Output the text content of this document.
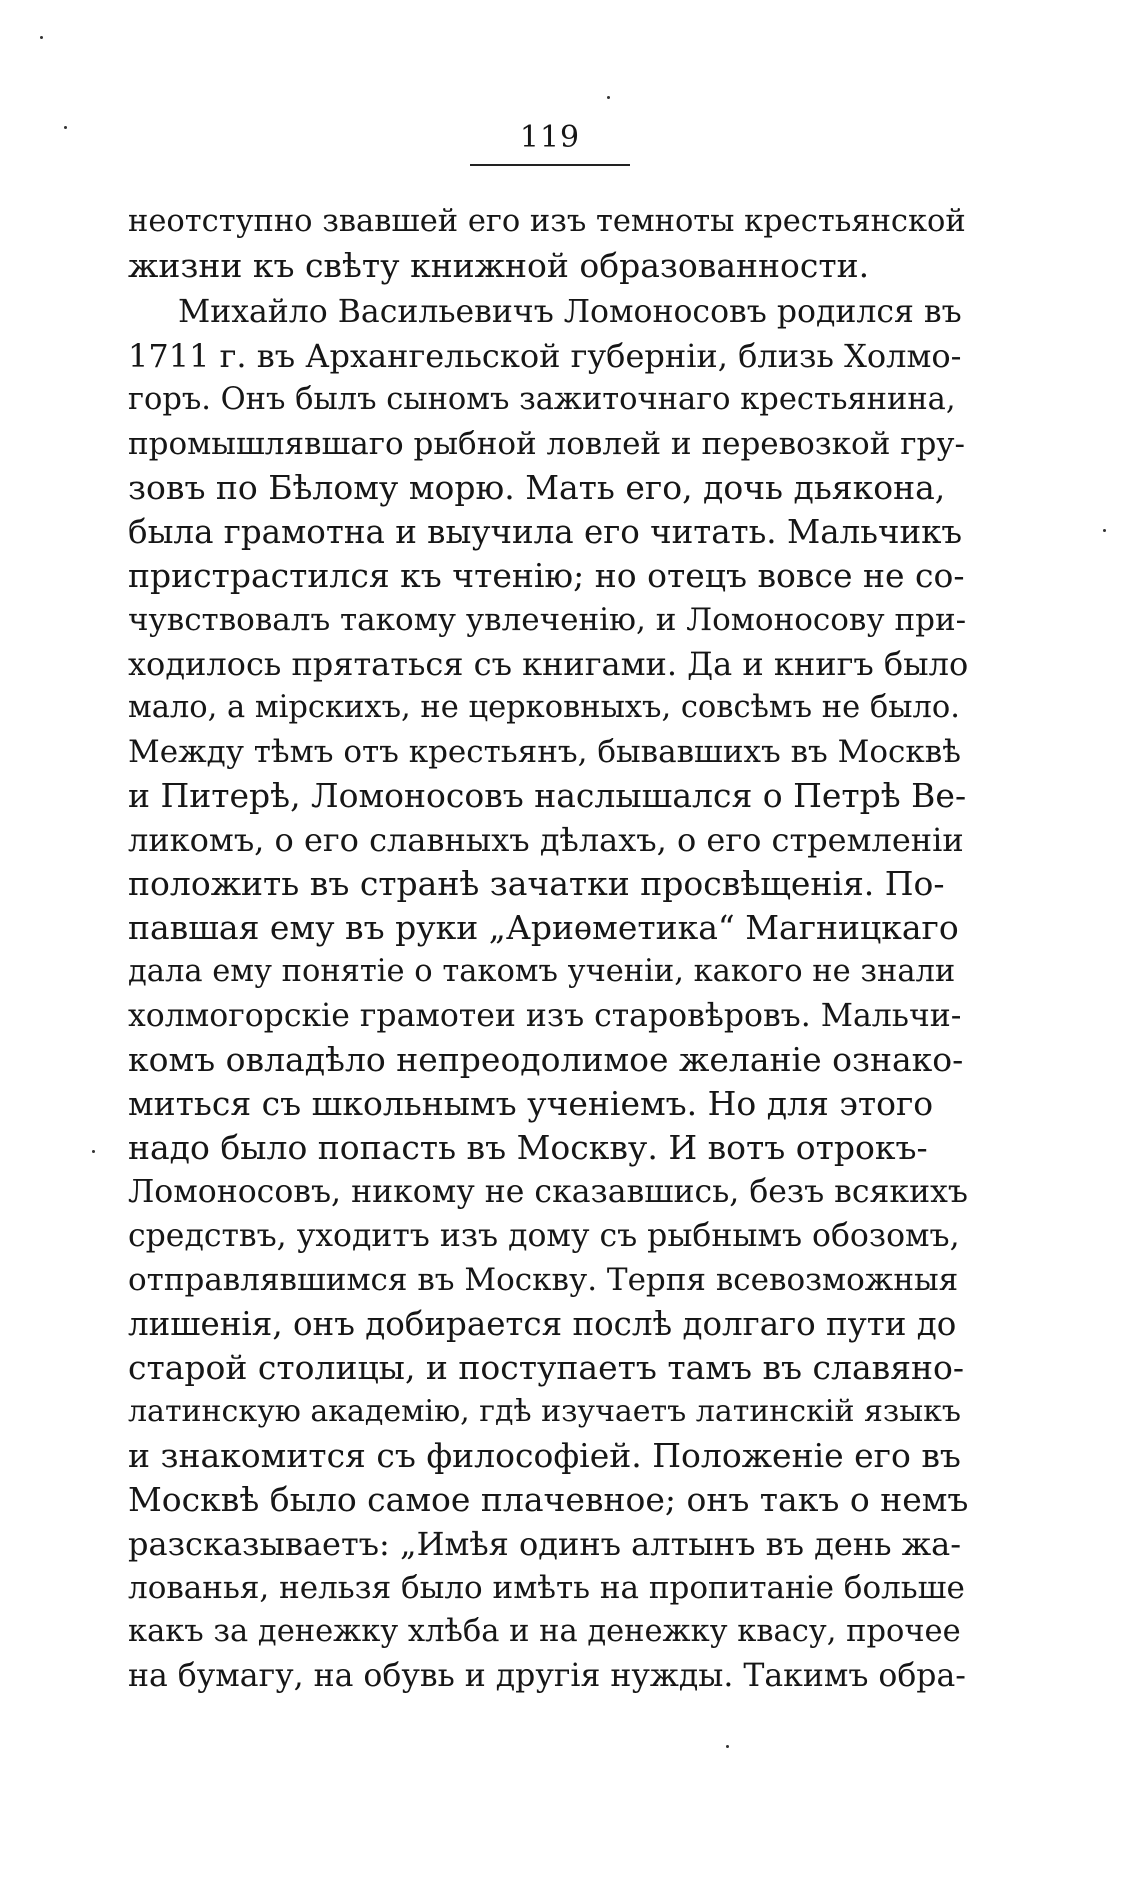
119
неотступно звавшей его изъ темноты крестьянской
жизни къ свѣту книжной образованности.
Михайло Васильевичъ Ломоносовъ родился въ
1711 г. въ Архангельской губерніи, близь Холмо-
горъ. Онъ былъ сыномъ зажиточнаго крестьянина,
промышлявшаго рыбной ловлей и перевозкой гру-
зовъ по Бѣлому морю. Мать его, дочь дьякона,
была грамотна и выучила его читать. Мальчикъ
пристрастился къ чтенію; но отецъ вовсе не со-
чувствовалъ такому увлеченію, и Ломоносову при-
ходилось прятаться съ книгами. Да и книгъ было
мало, а мірскихъ, не церковныхъ, совсѣмъ не было.
Между тѣмъ отъ крестьянъ, бывавшихъ въ Москвѣ
и Питерѣ, Ломоносовъ наслышался о Петрѣ Ве-
ликомъ, о его славныхъ дѣлахъ, о его стремленіи
положить въ странѣ зачатки просвѣщенія. По-
павшая ему въ руки „Ариѳметика“ Магницкаго
дала ему понятіе о такомъ ученіи, какого не знали
холмогорскіе грамотеи изъ старовѣровъ. Мальчи-
комъ овладѣло непреодолимое желаніе ознако-
миться съ школьнымъ ученіемъ. Но для этого
надо было попасть въ Москву. И вотъ отрокъ-
Ломоносовъ, никому не сказавшись, безъ всякихъ
средствъ, уходитъ изъ дому съ рыбнымъ обозомъ,
отправлявшимся въ Москву. Терпя всевозможныя
лишенія, онъ добирается послѣ долгаго пути до
старой столицы, и поступаетъ тамъ въ славяно-
латинскую академію, гдѣ изучаетъ латинскій языкъ
и знакомится съ философіей. Положеніе его въ
Москвѣ было самое плачевное; онъ такъ о немъ
разсказываетъ: „Имѣя одинъ алтынъ въ день жа-
лованья, нельзя было имѣть на пропитаніе больше
какъ за денежку хлѣба и на денежку квасу, прочее
на бумагу, на обувь и другія нужды. Такимъ обра-
